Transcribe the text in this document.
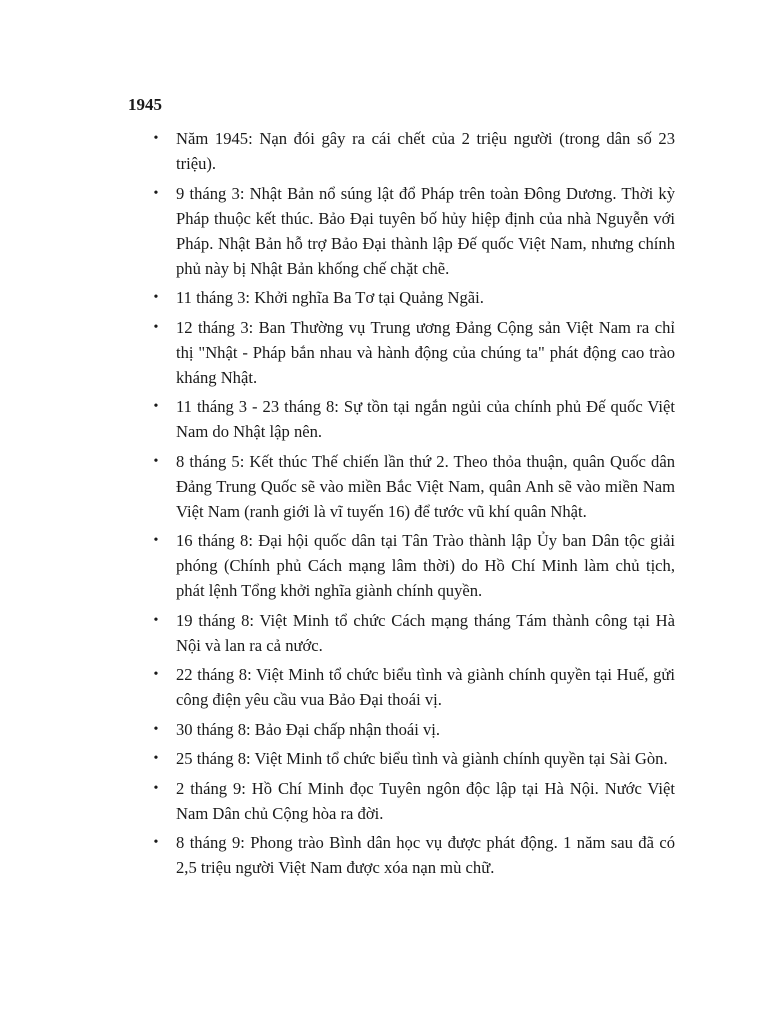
1945
• Năm 1945: Nạn đói gây ra cái chết của 2 triệu người (trong dân số 23 triệu).
• 9 tháng 3: Nhật Bản nổ súng lật đổ Pháp trên toàn Đông Dương. Thời kỳ Pháp thuộc kết thúc. Bảo Đại tuyên bố hủy hiệp định của nhà Nguyễn với Pháp. Nhật Bản hỗ trợ Bảo Đại thành lập Đế quốc Việt Nam, nhưng chính phủ này bị Nhật Bản khống chế chặt chẽ.
• 11 tháng 3: Khởi nghĩa Ba Tơ tại Quảng Ngãi.
• 12 tháng 3: Ban Thường vụ Trung ương Đảng Cộng sản Việt Nam ra chỉ thị "Nhật - Pháp bắn nhau và hành động của chúng ta" phát động cao trào kháng Nhật.
• 11 tháng 3 - 23 tháng 8: Sự tồn tại ngắn ngủi của chính phủ Đế quốc Việt Nam do Nhật lập nên.
• 8 tháng 5: Kết thúc Thế chiến lần thứ 2. Theo thỏa thuận, quân Quốc dân Đảng Trung Quốc sẽ vào miền Bắc Việt Nam, quân Anh sẽ vào miền Nam Việt Nam (ranh giới là vĩ tuyến 16) để tước vũ khí quân Nhật.
• 16 tháng 8: Đại hội quốc dân tại Tân Trào thành lập Ủy ban Dân tộc giải phóng (Chính phủ Cách mạng lâm thời) do Hồ Chí Minh làm chủ tịch, phát lệnh Tổng khởi nghĩa giành chính quyền.
• 19 tháng 8: Việt Minh tổ chức Cách mạng tháng Tám thành công tại Hà Nội và lan ra cả nước.
• 22 tháng 8: Việt Minh tổ chức biểu tình và giành chính quyền tại Huế, gửi công điện yêu cầu vua Bảo Đại thoái vị.
• 30 tháng 8: Bảo Đại chấp nhận thoái vị.
• 25 tháng 8: Việt Minh tổ chức biểu tình và giành chính quyền tại Sài Gòn.
• 2 tháng 9: Hồ Chí Minh đọc Tuyên ngôn độc lập tại Hà Nội. Nước Việt Nam Dân chủ Cộng hòa ra đời.
• 8 tháng 9: Phong trào Bình dân học vụ được phát động. 1 năm sau đã có 2,5 triệu người Việt Nam được xóa nạn mù chữ.
